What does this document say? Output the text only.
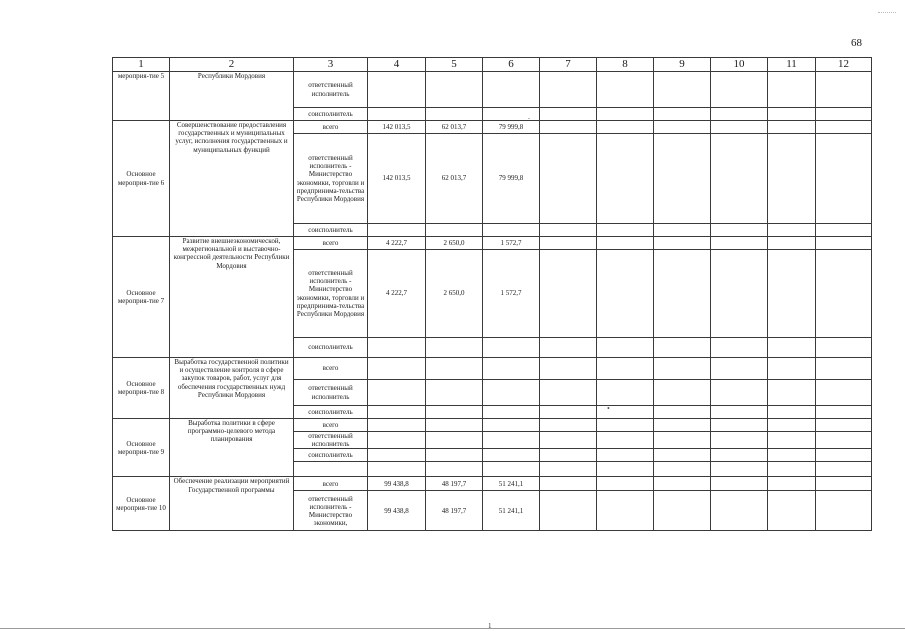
68
1	2	3	4	5	6	7	8	9	10	11	12
мероприя-тие 5	Республики Мордовия	ответственный исполнитель									
		соисполнитель									
Основное мероприя-тие 6	Совершенствование предоставления государственных и муниципальных услуг, исполнения государственных и муниципальных функций	всего	142 013,5	62 013,7	79 999,8						
		ответственный исполнитель - Министерство экономики, торговли и предпринима-тельства Республики Мордовия	142 013,5	62 013,7	79 999,8						
		соисполнитель									
Основное мероприя-тие 7	Развитие внешнеэкономической, межрегиональной и выставочно-конгрессной деятельности Республики Мордовия	всего	4 222,7	2 650,0	1 572,7						
		ответственный исполнитель - Министерство экономики, торговли и предпринима-тельства Республики Мордовия	4 222,7	2 650,0	1 572,7						
		соисполнитель									
Основное мероприя-тие 8	Выработка государственной политики и осуществление контроля в сфере закупок товаров, работ, услуг для обеспечения государственных нужд Республики Мордовия	всего									
		ответственный исполнитель									
		соисполнитель									
Основное мероприя-тие 9	Выработка политики в сфере программно-целевого метода планирования	всего									
		ответственный исполнитель									
		соисполнитель									

Основное мероприя-тие 10	Обеспечение реализации мероприятий Государственной программы	всего	99 438,8	48 197,7	51 241,1						
		ответственный исполнитель - Министерство экономики,	99 438,8	48 197,7	51 241,1						
.
•
1
